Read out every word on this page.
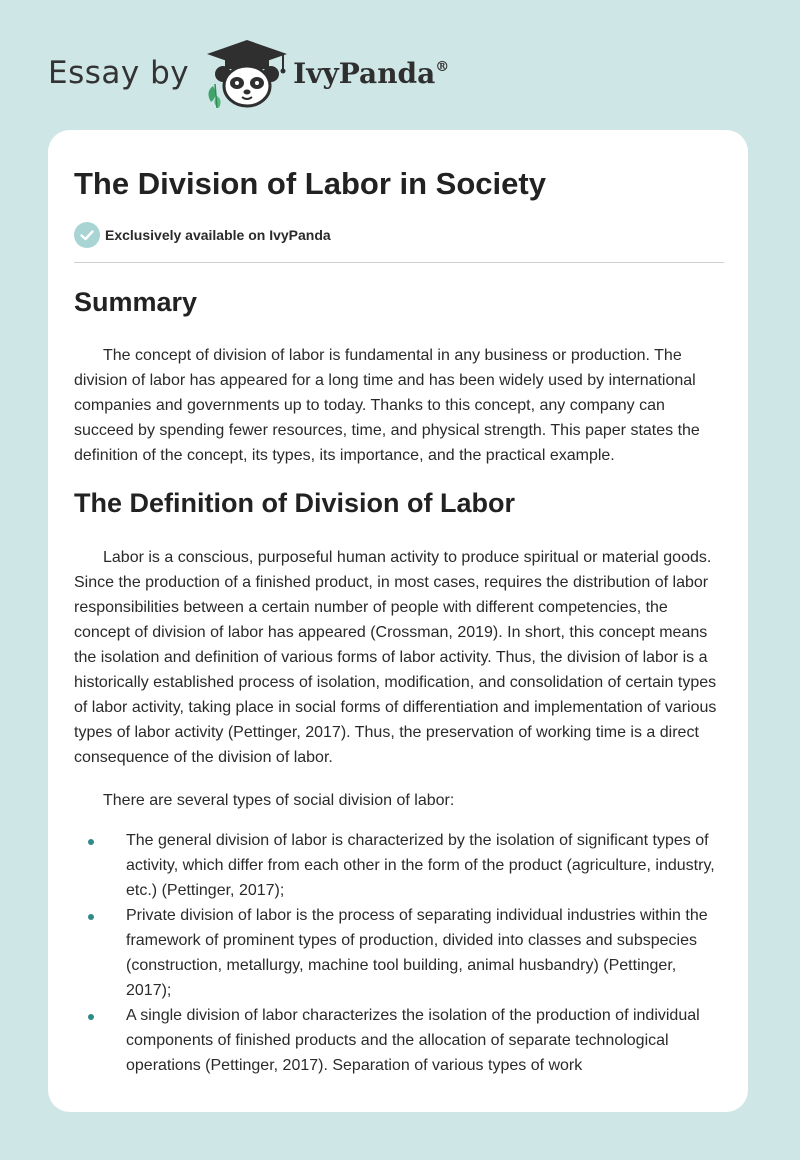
Essay by	IvyPanda®
The Division of Labor in Society
Exclusively available on IvyPanda
Summary

The concept of division of labor is fundamental in any business or production. The division of labor has appeared for a long time and has been widely used by international companies and governments up to today. Thanks to this concept, any company can succeed by spending fewer resources, time, and physical strength. This paper states the definition of the concept, its types, its importance, and the practical example.

The Definition of Division of Labor

Labor is a conscious, purposeful human activity to produce spiritual or material goods. Since the production of a finished product, in most cases, requires the distribution of labor responsibilities between a certain number of people with different competencies, the concept of division of labor has appeared (Crossman, 2019). In short, this concept means the isolation and definition of various forms of labor activity. Thus, the division of labor is a historically established process of isolation, modification, and consolidation of certain types of labor activity, taking place in social forms of differentiation and implementation of various types of labor activity (Pettinger, 2017). Thus, the preservation of working time is a direct consequence of the division of labor.

There are several types of social division of labor:

The general division of labor is characterized by the isolation of significant types of activity, which differ from each other in the form of the product (agriculture, industry, etc.) (Pettinger, 2017);
Private division of labor is the process of separating individual industries within the framework of prominent types of production, divided into classes and subspecies (construction, metallurgy, machine tool building, animal husbandry) (Pettinger, 2017);
A single division of labor characterizes the isolation of the production of individual components of finished products and the allocation of separate technological operations (Pettinger, 2017). Separation of various types of work
